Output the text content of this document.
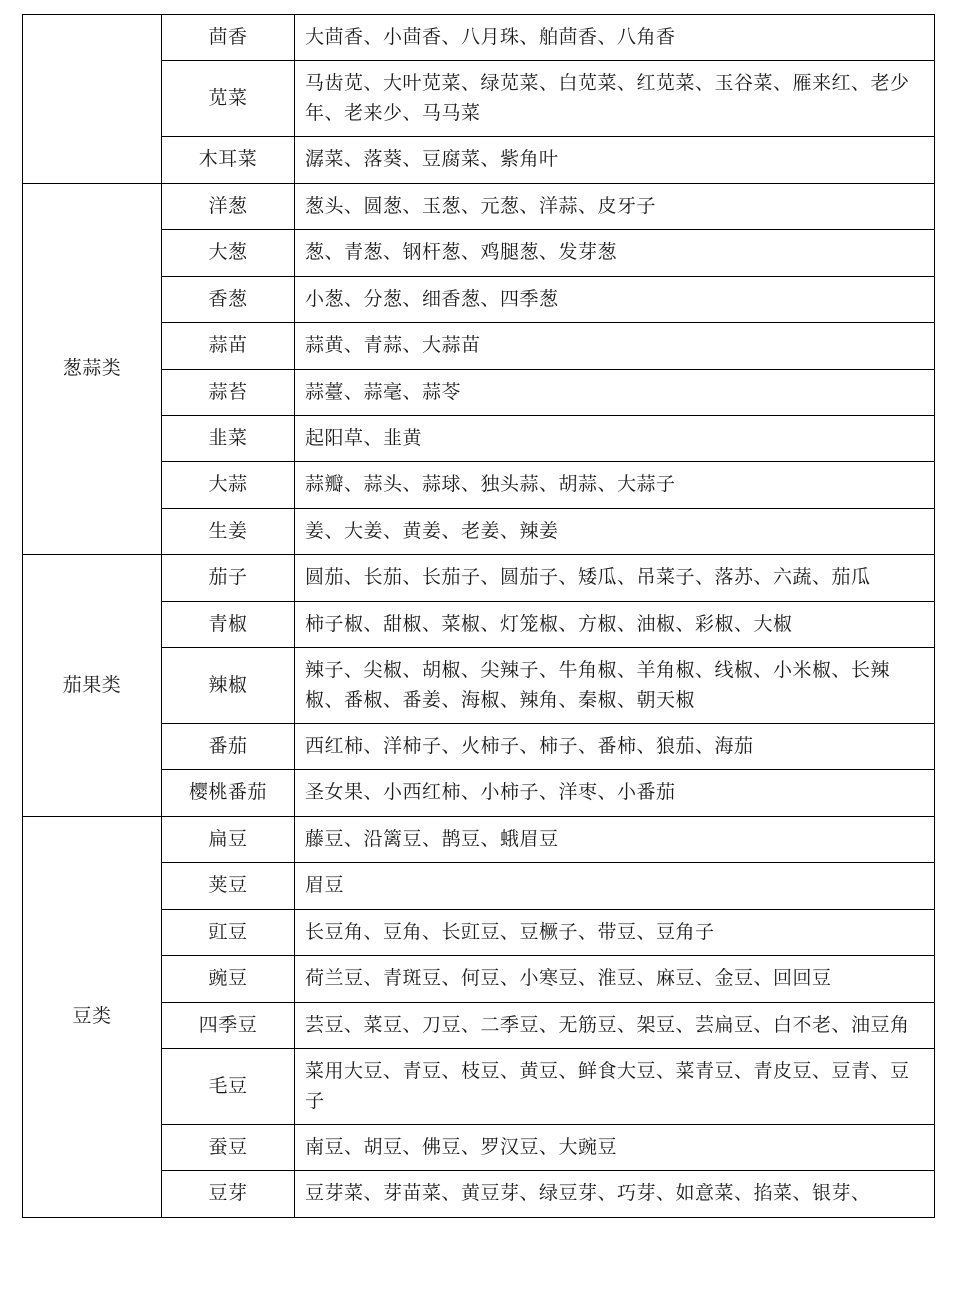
	茴香	大茴香、小茴香、八月珠、舶茴香、八角香

	苋菜	马齿苋、大叶苋菜、绿苋菜、白苋菜、红苋菜、玉谷菜、雁来红、老少年、老来少、马马菜

	木耳菜	潺菜、落葵、豆腐菜、紫角叶

葱蒜类	洋葱	葱头、圆葱、玉葱、元葱、洋蒜、皮牙子

	大葱	葱、青葱、钢杆葱、鸡腿葱、发芽葱

	香葱	小葱、分葱、细香葱、四季葱

	蒜苗	蒜黄、青蒜、大蒜苗

	蒜苔	蒜薹、蒜毫、蒜苓

	韭菜	起阳草、韭黄

	大蒜	蒜瓣、蒜头、蒜球、独头蒜、胡蒜、大蒜子

	生姜	姜、大姜、黄姜、老姜、辣姜

茄果类	茄子	圆茄、长茄、长茄子、圆茄子、矮瓜、吊菜子、落苏、六蔬、茄瓜

	青椒	柿子椒、甜椒、菜椒、灯笼椒、方椒、油椒、彩椒、大椒

	辣椒	辣子、尖椒、胡椒、尖辣子、牛角椒、羊角椒、线椒、小米椒、长辣椒、番椒、番姜、海椒、辣角、秦椒、朝天椒

	番茄	西红柿、洋柿子、火柿子、柿子、番柿、狼茄、海茄

	樱桃番茄	圣女果、小西红柿、小柿子、洋枣、小番茄

豆类	扁豆	藤豆、沿篱豆、鹊豆、蛾眉豆

	荚豆	眉豆

	豇豆	长豆角、豆角、长豇豆、豆橛子、带豆、豆角子

	豌豆	荷兰豆、青斑豆、何豆、小寒豆、淮豆、麻豆、金豆、回回豆

	四季豆	芸豆、菜豆、刀豆、二季豆、无筋豆、架豆、芸扁豆、白不老、油豆角

	毛豆	菜用大豆、青豆、枝豆、黄豆、鲜食大豆、菜青豆、青皮豆、豆青、豆子

	蚕豆	南豆、胡豆、佛豆、罗汉豆、大豌豆

	豆芽	豆芽菜、芽苗菜、黄豆芽、绿豆芽、巧芽、如意菜、掐菜、银芽、
